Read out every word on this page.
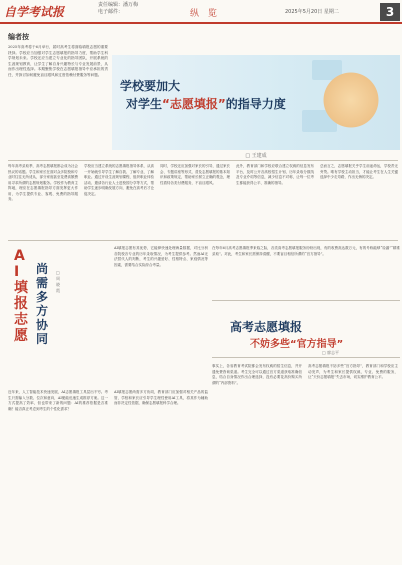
自学考试报	责任编辑：潘万梅
电子邮件：	纵 览	2025年5月20日 星期二	3
编者按
2025年高考将于6月举行，届时高考生将面临填报志愿的重要抉择。学校应当加强对学生志愿填报的指导力度，帮助学生科学规划未来。学校还应当建立专业化的指导团队，开展系统的生涯规划教育，让学生了解自身兴趣特长与专业发展前景，从而作出理性选择。本期聚焦学校在志愿填报指导中应承担的责任，并探讨如何避免盲目跟风和过度依赖付费服务等问题。
学校要加大
对学生“志愿填报”的指导力度
□ 王建成
每年高考录取季，高考志愿填报都会成为社会热议的话题。学生和家长在面对众多院校和专业时往往无所适从，部分家庭甚至花费高额费用寻求所谓的志愿规划服务。学校作为教育主阵地，理应在志愿填报指导方面发挥更大作用，为学生提供专业、客观、免费的指导服务。
学校应当建立系统的志愿填报指导体系，从高一开始就引导学生了解自我、了解专业、了解职业。通过开设生涯规划课程、组织职业体验活动、邀请各行业人士进校园分享等方式，帮助学生逐步明确发展方向，避免在高考后才仓促决定。
同时，学校还应加强对家长的引导，通过家长会、专题讲座等形式，普及志愿填报的基本知识和政策规定，帮助家长树立正确的观念，理性看待各类付费服务，不盲目跟风。
此外，教育部门和学校应联合建立权威的信息发布平台，及时公开各高校招生计划、历年录取分数线及专业介绍等信息，减少信息不对称，让每一位考生都能获得公平、准确的指导。
总而言之，志愿填报关乎学生前途命运，学校责无旁贷。唯有学校主动担当，才能让考生在人生关键选择中少走弯路，作出无悔的决定。
AI填报志愿
尚需多方协同
□ 周晓霞
近年来，人工智能技术快速发展，AI志愿填报工具层出不穷。考生只需输入分数、位次和意向，AI便能迅速生成推荐方案。这一方式提高了效率，但也带来了新的问题：AI的推荐依据是否准确？能否真正考虑到考生的个性化需求？
AI填报志愿有其优势，它能够快速处理海量数据，对比分析各院校各专业的历年录取情况，为考生提供参考。然而AI无法替代人的判断，考生的兴趣爱好、性格特点、家庭情况等因素，需要结合实际综合考量。
AI填报志愿尚需多方协同，教育部门应加强对相关产品的监管，学校和家长应引导学生理性使用AI工具，将其作为辅助而非决定性依据，确保志愿填报科学合理。
在每年6月高考志愿填报季来临之际，各类高考志愿填报服务纷纷出现，有的收费高达数万元，有的号称能够“捡漏”“精准录取”。对此，考生和家长需保持清醒，不要盲目相信所谓的“官方指导”。
高考志愿填报
不妨多些“官方指导”
□ 廖志平
事实上，各省教育考试院都会发布权威的招生信息，并开通免费咨询渠道。考生完全可以通过官方渠道获取准确信息，结合自身情况作出合理选择，没有必要花高价购买所谓的“内部资料”。
高考志愿填报不妨多些“官方指导”，教育部门和学校应主动发声，为考生和家长提供权威、专业、免费的服务，让“天价志愿填报”失去市场，切实维护教育公平。
